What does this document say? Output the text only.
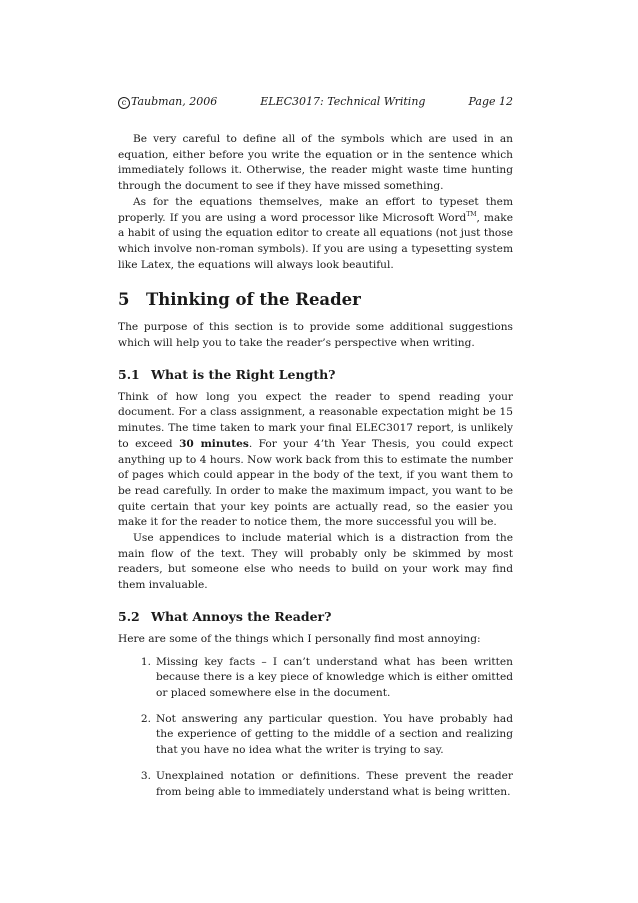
c Taubman, 2006	ELEC3017: Technical Writing	Page 12

Be very careful to define all of the symbols which are used in an equation, either before you write the equation or in the sentence which immediately follows it. Otherwise, the reader might waste time hunting through the document to see if they have missed something.

As for the equations themselves, make an effort to typeset them properly. If you are using a word processor like Microsoft Word™, make a habit of using the equation editor to create all equations (not just those which involve non-roman symbols). If you are using a typesetting system like Latex, the equations will always look beautiful.

5	Thinking of the Reader

The purpose of this section is to provide some additional suggestions which will help you to take the reader’s perspective when writing.

5.1 What is the Right Length?

Think of how long you expect the reader to spend reading your document. For a class assignment, a reasonable expectation might be 15 minutes. The time taken to mark your final ELEC3017 report, is unlikely to exceed 30 minutes. For your 4’th Year Thesis, you could expect anything up to 4 hours. Now work back from this to estimate the number of pages which could appear in the body of the text, if you want them to be read carefully. In order to make the maximum impact, you want to be quite certain that your key points are actually read, so the easier you make it for the reader to notice them, the more successful you will be.

Use appendices to include material which is a distraction from the main flow of the text. They will probably only be skimmed by most readers, but someone else who needs to build on your work may find them invaluable.

5.2 What Annoys the Reader?

Here are some of the things which I personally find most annoying:

1. Missing key facts – I can’t understand what has been written because there is a key piece of knowledge which is either omitted or placed somewhere else in the document.

2. Not answering any particular question. You have probably had the experience of getting to the middle of a section and realizing that you have no idea what the writer is trying to say.

3. Unexplained notation or definitions. These prevent the reader from being able to immediately understand what is being written.
